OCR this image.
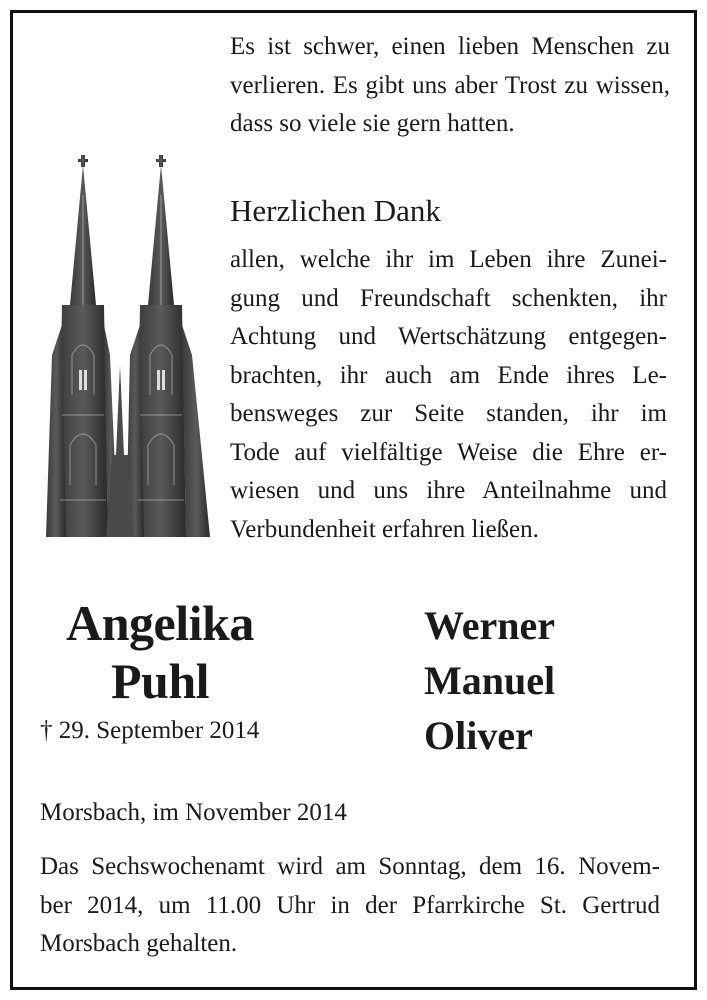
Es ist schwer, einen lieben Menschen zu
verlieren. Es gibt uns aber Trost zu wissen,
dass so viele sie gern hatten.
Herzlichen Dank
allen, welche ihr im Leben ihre Zunei-
gung und Freundschaft schenkten, ihr
Achtung und Wertschätzung entgegen-
brachten, ihr auch am Ende ihres Le-
bensweges zur Seite standen, ihr im
Tode auf vielfältige Weise die Ehre er-
wiesen und uns ihre Anteilnahme und
Verbundenheit erfahren ließen.
Angelika
Puhl
† 29. September 2014
Werner
Manuel
Oliver
Morsbach, im November 2014
Das Sechswochenamt wird am Sonntag, dem 16. Novem-
ber 2014, um 11.00 Uhr in der Pfarrkirche St. Gertrud
Morsbach gehalten.
